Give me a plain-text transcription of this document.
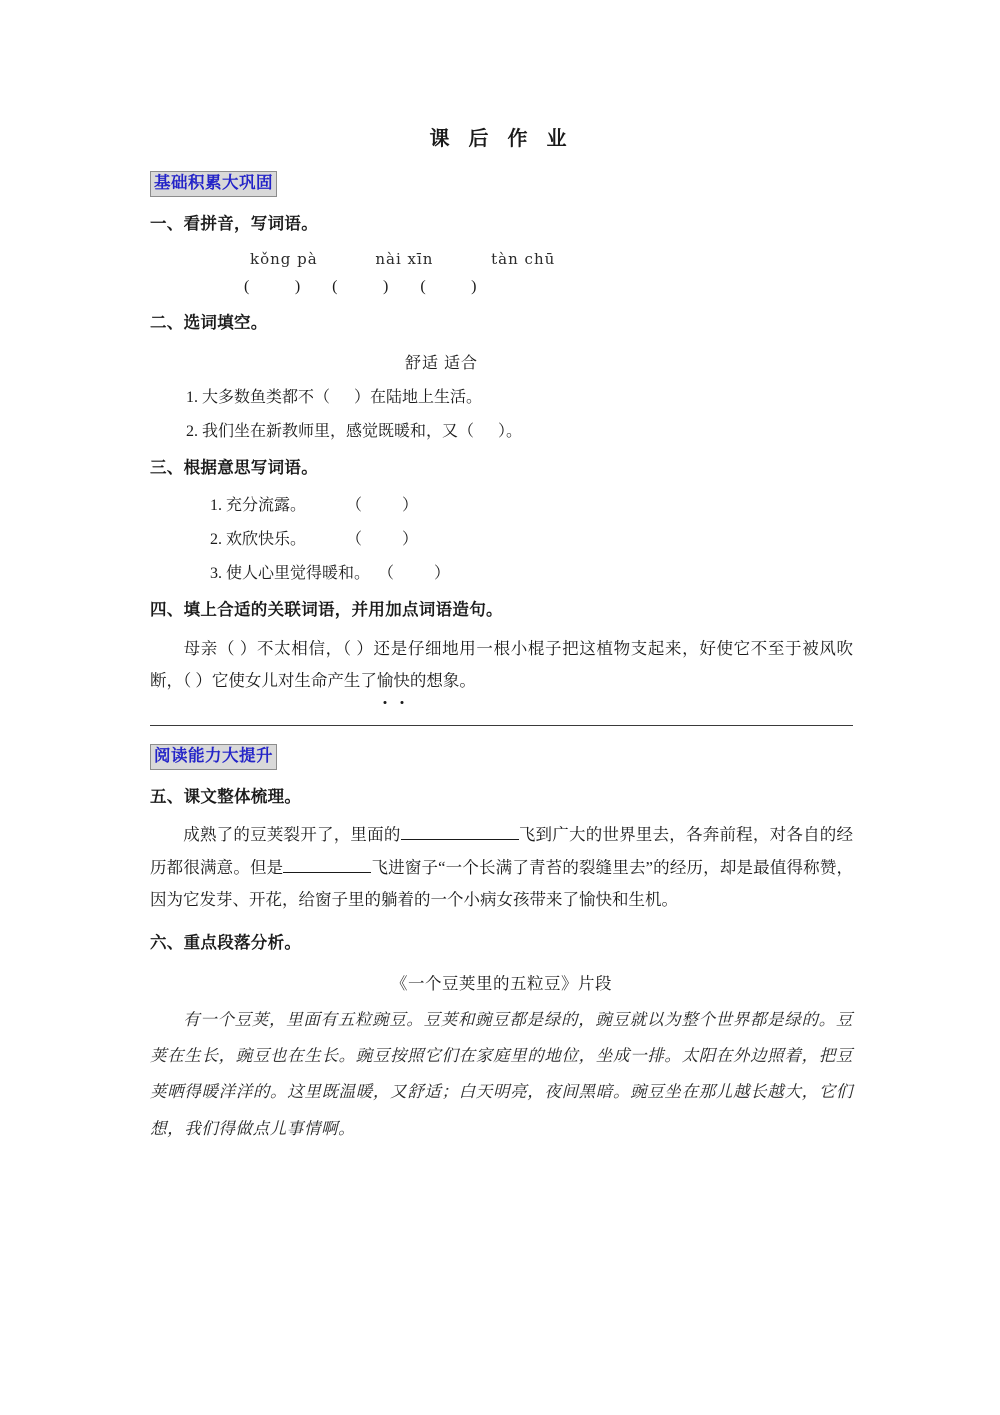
课 后 作 业
基础积累大巩固
一、看拼音，写词语。
kǒng pà          nài xīn          tàn chū
(          )       (          )       (          )
二、选词填空。
舒适 适合
1. 大多数鱼类都不（      ）在陆地上生活。
2. 我们坐在新教师里，感觉既暖和，又（      ）。
三、根据意思写词语。
1. 充分流露。          （          ）
2. 欢欣快乐。          （          ）
3. 使人心里觉得暖和。  （          ）
四、填上合适的关联词语，并用加点词语造句。
母亲（ ）不太相信，（ ）还是仔细地用一根小棍子把这植物支起来，好使它不至于被风吹断，（ ）它使女儿对生命产生了愉快的想象。
阅读能力大提升
五、课文整体梳理。
成熟了的豆荚裂开了，里面的	飞到广大的世界里去，各奔前程，对各自的经历都很满意。但是	飞进窗子“一个长满了青苔的裂缝里去”的经历，却是最值得称赞，因为它发芽、开花，给窗子里的躺着的一个小病女孩带来了愉快和生机。
六、重点段落分析。
《一个豆荚里的五粒豆》片段
有一个豆荚，里面有五粒豌豆。豆荚和豌豆都是绿的，豌豆就以为整个世界都是绿的。豆荚在生长，豌豆也在生长。豌豆按照它们在家庭里的地位，坐成一排。太阳在外边照着，把豆荚晒得暖洋洋的。这里既温暖，又舒适；白天明亮，夜间黑暗。豌豆坐在那儿越长越大，它们想，我们得做点儿事情啊。
